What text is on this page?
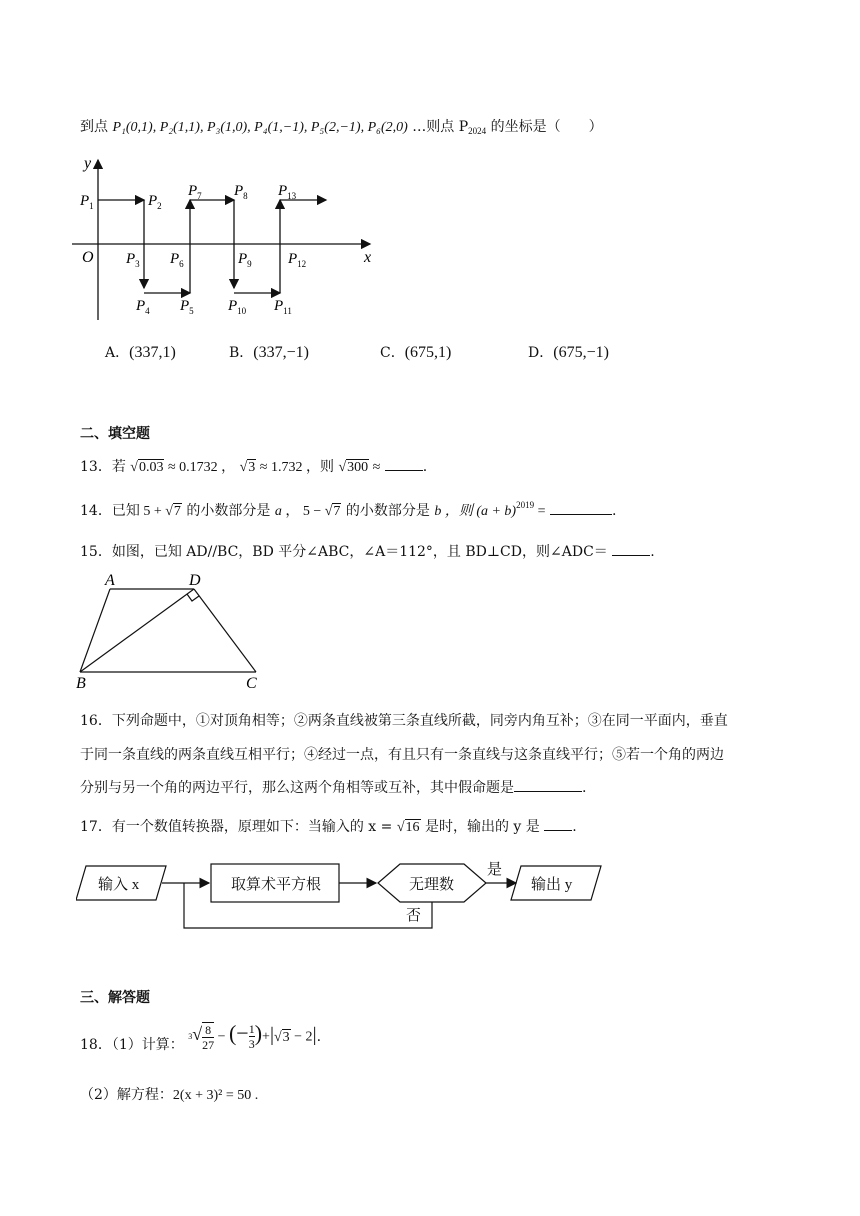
到点 P₁(0,1), P₂(1,1), P₃(1,0), P₄(1,−1), P₅(2,−1), P₆(2,0) …则点 $P_{2024}$ 的坐标是（　　）
x
y
O
$P_1$	$P_2$
$P_3$
$P_4$ $P_5$
$P_6$
$P_7$ $P_8$
$P_9$
$P_{10}$ $P_{11}$
$P_{12}$
$P_{13}$
A．(337,1)	B．(337,−1)	C．(675,1)	D．(675,−1)
二、填空题
13．若 √0.03 ≈ 0.1732 ， √3 ≈ 1.732 ，则 √300 ≈	.
14．已知 5 + √7 的小数部分是 a ， 5 − √7 的小数部分是 b ，则 $(a + b)^{2019}$ =	.
15．如图，已知 AD//BC，BD 平分∠ABC，∠A＝112°，且 BD⊥CD，则∠ADC＝	.
A	D
B	C
16．下列命题中，①对顶角相等；②两条直线被第三条直线所截，同旁内角互补；③在同一平面内，垂直
于同一条直线的两条直线互相平行；④经过一点，有且只有一条直线与这条直线平行；⑤若一个角的两边
分别与另一个角的两边平行，那么这两个角相等或互补，其中假命题是	.
17．有一个数值转换器，原理如下：当输入的 x = √16 是时，输出的 y 是 .
输入 x	取算术平方根	无理数
是
否
输出 y
三、解答题
18．（1）计算： $3√ \frac{8}{27}$ − (− $\frac{1}{3} )+|√3 - 2|$.
（2）解方程：2(x + 3)² = 50 .
